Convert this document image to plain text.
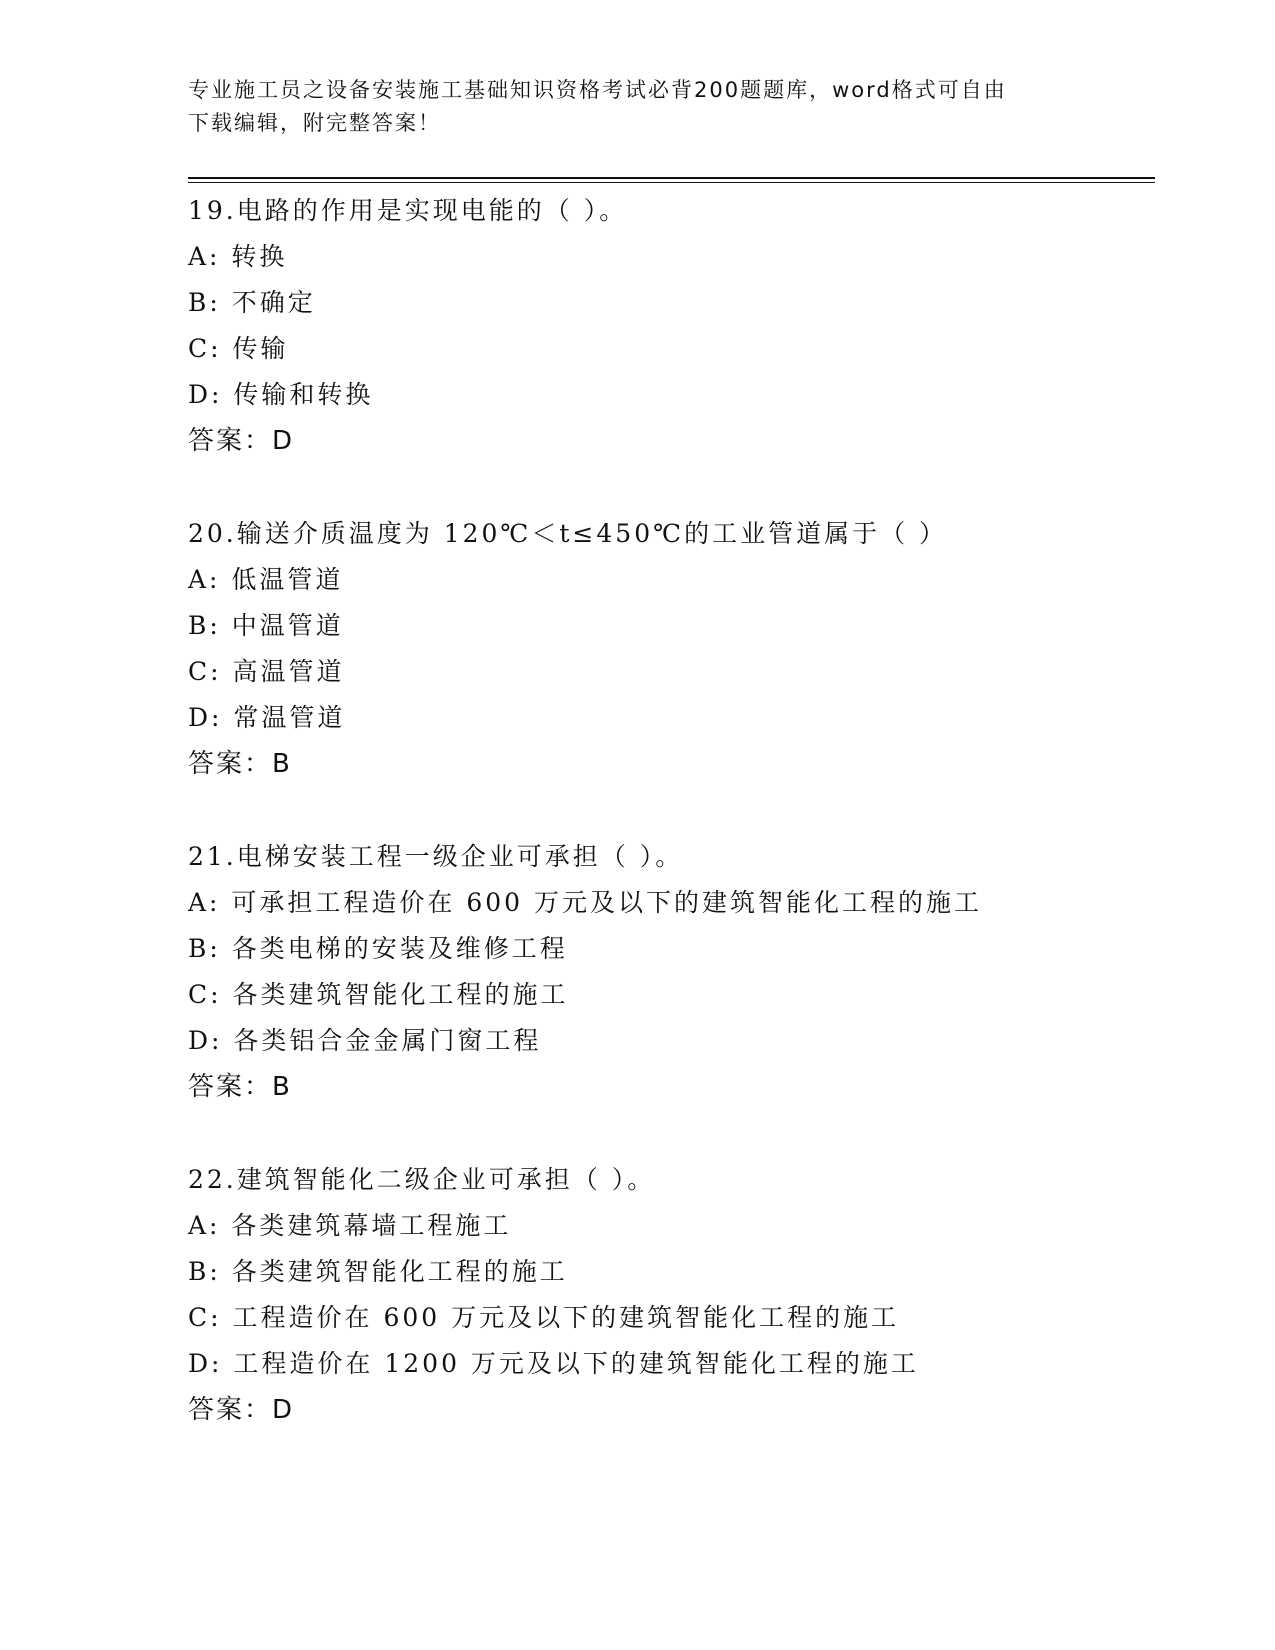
专业施工员之设备安装施工基础知识资格考试必背200题题库，word格式可自由
下载编辑，附完整答案！
19.电路的作用是实现电能的（ ）。
A: 转换
B: 不确定
C: 传输
D: 传输和转换
答案：D
20.输送介质温度为 120℃＜t≤450℃的工业管道属于（ ）
A: 低温管道
B: 中温管道
C: 高温管道
D: 常温管道
答案：B
21.电梯安装工程一级企业可承担（ ）。
A: 可承担工程造价在 600 万元及以下的建筑智能化工程的施工
B: 各类电梯的安装及维修工程
C: 各类建筑智能化工程的施工
D: 各类铝合金金属门窗工程
答案：B
22.建筑智能化二级企业可承担（ ）。
A: 各类建筑幕墙工程施工
B: 各类建筑智能化工程的施工
C: 工程造价在 600 万元及以下的建筑智能化工程的施工
D: 工程造价在 1200 万元及以下的建筑智能化工程的施工
答案：D
